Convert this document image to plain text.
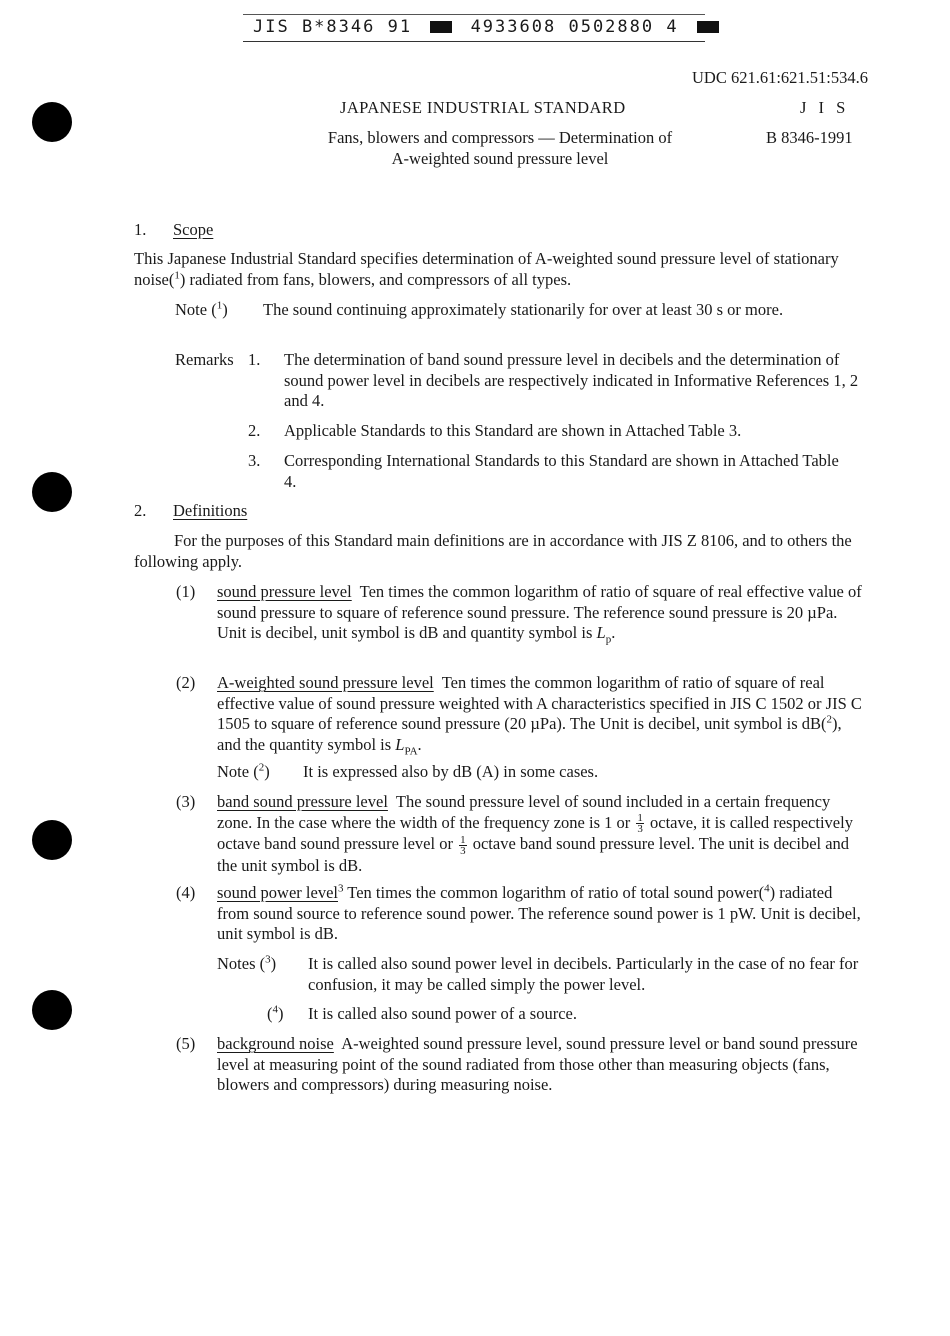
JIS B*8346 91	4933608 0502880 4
UDC 621.61:621.51:534.6
JAPANESE INDUSTRIAL STANDARD	J I S
B 8346-1991
Fans, blowers and compressors — Determination of
A-weighted sound pressure level
1. Scope
This Japanese Industrial Standard specifies determination of A-weighted sound pressure level of stationary noise($^1$) radiated from fans, blowers, and compressors of all types.
Note ($^1$) The sound continuing approximately stationarily for over at least 30 s or more.
Remarks 1. The determination of band sound pressure level in decibels and the determination of sound power level in decibels are respectively indicated in Informative References 1, 2 and 4.
2. Applicable Standards to this Standard are shown in Attached Table 3.
3. Corresponding International Standards to this Standard are shown in Attached Table 4.
2. Definitions
For the purposes of this Standard main definitions are in accordance with JIS Z 8106, and to others the following apply.
(1) sound pressure level Ten times the common logarithm of ratio of square of real effective value of sound pressure to square of reference sound pressure. The reference sound pressure is 20 µPa. Unit is decibel, unit symbol is dB and quantity symbol is $L_p$.
(2) A-weighted sound pressure level Ten times the common logarithm of ratio of square of real effective value of sound pressure weighted with A characteristics specified in JIS C 1502 or JIS C 1505 to square of reference sound pressure (20 µPa). The Unit is decibel, unit symbol is dB($^2$), and the quantity symbol is $L_{PA}$.
Note ($^2$) It is expressed also by dB (A) in some cases.
(3) band sound pressure level The sound pressure level of sound included in a certain frequency zone. In the case where the width of the frequency zone is 1 or $\frac{1}{3}$ octave, it is called respectively octave band sound pressure level or $\frac{1}{3}$ octave band sound pressure level. The unit is decibel and the unit symbol is dB.
(4) sound power level$^3$ Ten times the common logarithm of ratio of total sound power($^4$) radiated from sound source to reference sound power. The reference sound power is 1 pW. Unit is decibel, unit symbol is dB.
Notes ($^3$) It is called also sound power level in decibels. Particularly in the case of no fear for confusion, it may be called simply the power level.
($^4$) It is called also sound power of a source.
(5) background noise A-weighted sound pressure level, sound pressure level or band sound pressure level at measuring point of the sound radiated from those other than measuring objects (fans, blowers and compressors) during measuring noise.
